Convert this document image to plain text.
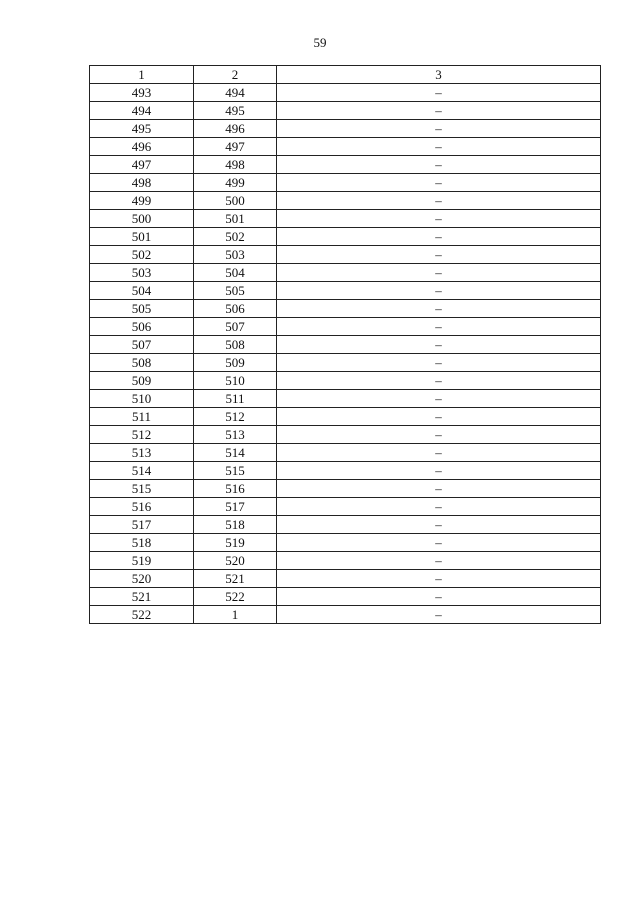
59
1	2	3
493	494	–
494	495	–
495	496	–
496	497	–
497	498	–
498	499	–
499	500	–
500	501	–
501	502	–
502	503	–
503	504	–
504	505	–
505	506	–
506	507	–
507	508	–
508	509	–
509	510	–
510	511	–
511	512	–
512	513	–
513	514	–
514	515	–
515	516	–
516	517	–
517	518	–
518	519	–
519	520	–
520	521	–
521	522	–
522	1	–
